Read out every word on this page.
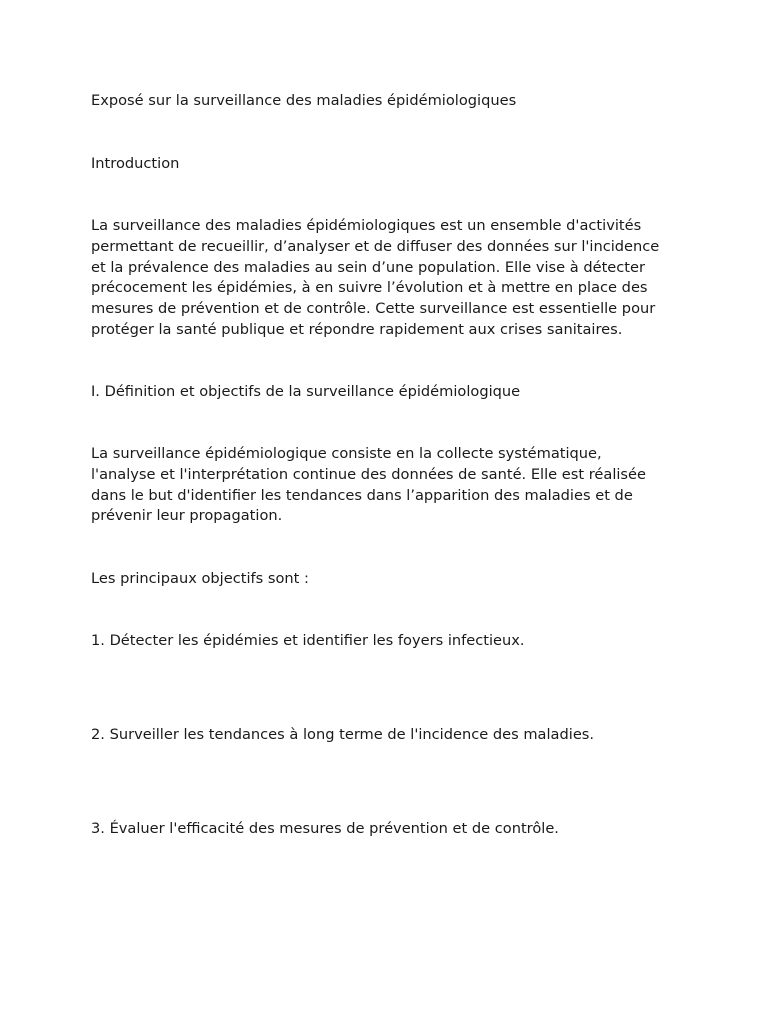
Exposé sur la surveillance des maladies épidémiologiques
Introduction
La surveillance des maladies épidémiologiques est un ensemble d'activités
permettant de recueillir, d’analyser et de diffuser des données sur l'incidence
et la prévalence des maladies au sein d’une population. Elle vise à détecter
précocement les épidémies, à en suivre l’évolution et à mettre en place des
mesures de prévention et de contrôle. Cette surveillance est essentielle pour
protéger la santé publique et répondre rapidement aux crises sanitaires.
I. Définition et objectifs de la surveillance épidémiologique
La surveillance épidémiologique consiste en la collecte systématique,
l'analyse et l'interprétation continue des données de santé. Elle est réalisée
dans le but d'identifier les tendances dans l’apparition des maladies et de
prévenir leur propagation.
Les principaux objectifs sont :
1. Détecter les épidémies et identifier les foyers infectieux.
2. Surveiller les tendances à long terme de l'incidence des maladies.
3. Évaluer l'efficacité des mesures de prévention et de contrôle.
